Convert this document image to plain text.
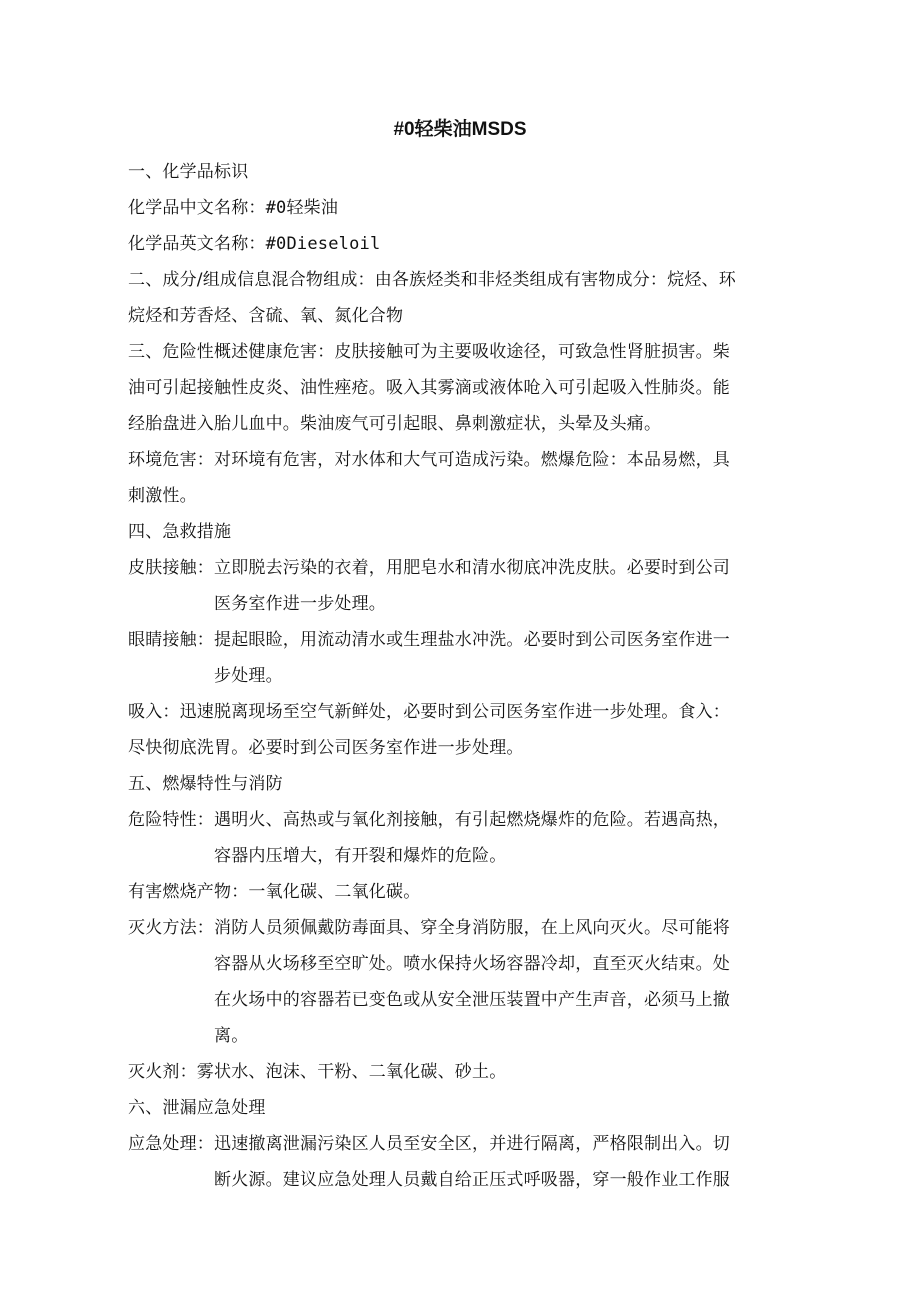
#0轻柴油MSDS
一、化学品标识
化学品中文名称：#0轻柴油
化学品英文名称：#0Dieseloil
二、成分/组成信息混合物组成：由各族烃类和非烃类组成有害物成分：烷烃、环
烷烃和芳香烃、含硫、氧、氮化合物
三、危险性概述健康危害：皮肤接触可为主要吸收途径，可致急性肾脏损害。柴
油可引起接触性皮炎、油性痤疮。吸入其雾滴或液体呛入可引起吸入性肺炎。能
经胎盘进入胎儿血中。柴油废气可引起眼、鼻刺激症状，头晕及头痛。
环境危害：对环境有危害，对水体和大气可造成污染。燃爆危险：本品易燃，具
刺激性。
四、急救措施
皮肤接触： 立即脱去污染的衣着，用肥皂水和清水彻底冲洗皮肤。必要时到公司
医务室作进一步处理。
眼睛接触： 提起眼睑，用流动清水或生理盐水冲洗。必要时到公司医务室作进一
步处理。
吸入：迅速脱离现场至空气新鲜处，必要时到公司医务室作进一步处理。食入：
尽快彻底洗胃。必要时到公司医务室作进一步处理。
五、燃爆特性与消防
危险特性： 遇明火、高热或与氧化剂接触，有引起燃烧爆炸的危险。若遇高热，
容器内压增大，有开裂和爆炸的危险。
有害燃烧产物：一氧化碳、二氧化碳。
灭火方法： 消防人员须佩戴防毒面具、穿全身消防服，在上风向灭火。尽可能将
容器从火场移至空旷处。喷水保持火场容器冷却，直至灭火结束。处
在火场中的容器若已变色或从安全泄压装置中产生声音，必须马上撤
离。
灭火剂：雾状水、泡沫、干粉、二氧化碳、砂土。
六、泄漏应急处理
应急处理： 迅速撤离泄漏污染区人员至安全区，并进行隔离，严格限制出入。切
断火源。建议应急处理人员戴自给正压式呼吸器，穿一般作业工作服
